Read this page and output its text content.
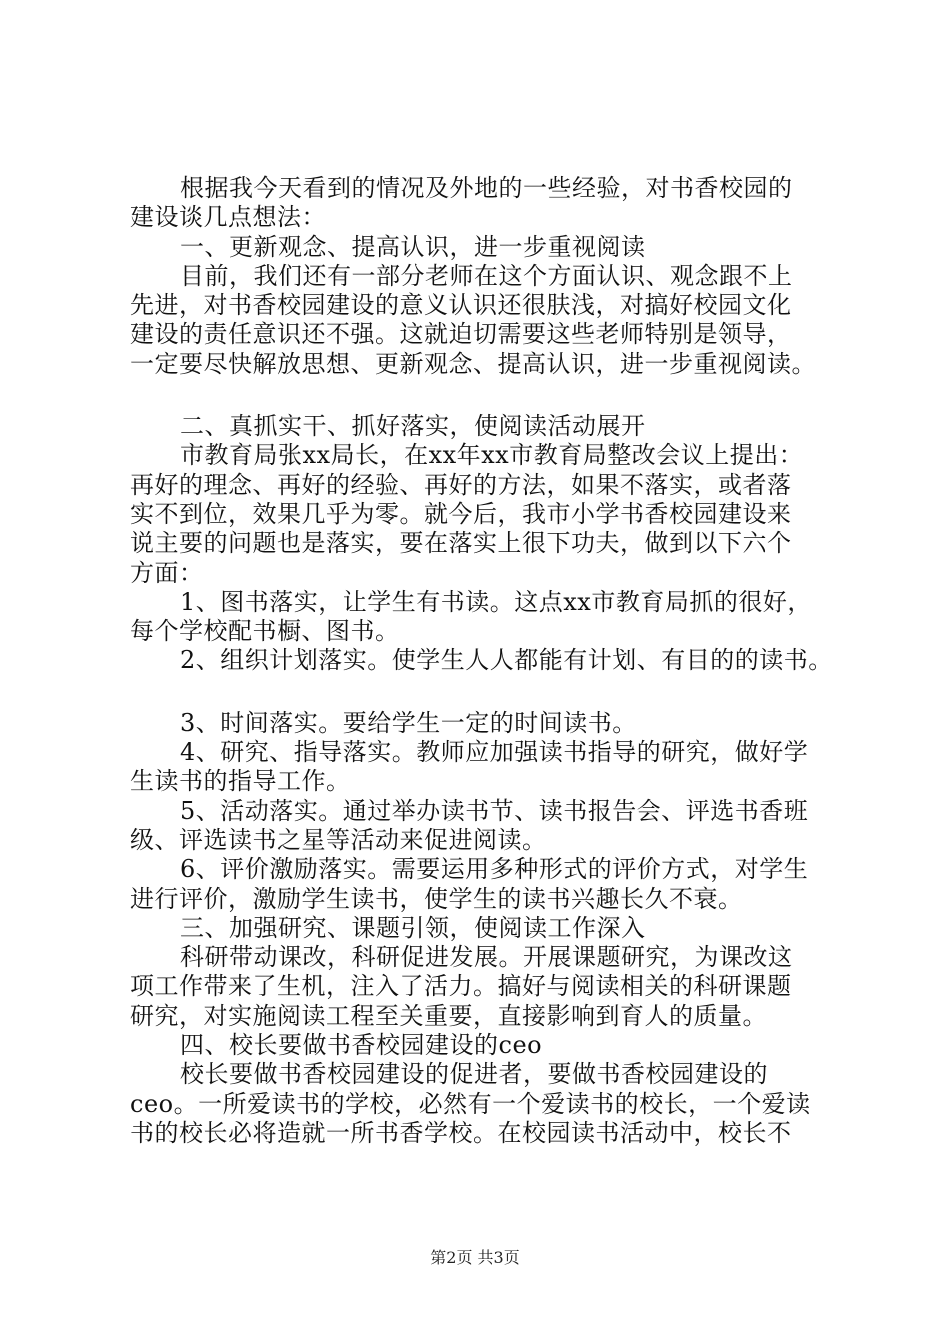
根据我今天看到的情况及外地的一些经验，对书香校园的
建设谈几点想法：
一、更新观念、提高认识，进一步重视阅读
目前，我们还有一部分老师在这个方面认识、观念跟不上
先进，对书香校园建设的意义认识还很肤浅，对搞好校园文化
建设的责任意识还不强。这就迫切需要这些老师特别是领导，
一定要尽快解放思想、更新观念、提高认识，进一步重视阅读。
二、真抓实干、抓好落实，使阅读活动展开
市教育局张xx局长，在xx年xx市教育局整改会议上提出：
再好的理念、再好的经验、再好的方法，如果不落实，或者落
实不到位，效果几乎为零。就今后，我市小学书香校园建设来
说主要的问题也是落实，要在落实上很下功夫，做到以下六个
方面：
1、图书落实，让学生有书读。这点xx市教育局抓的很好，
每个学校配书橱、图书。
2、组织计划落实。使学生人人都能有计划、有目的的读书。
3、时间落实。要给学生一定的时间读书。
4、研究、指导落实。教师应加强读书指导的研究，做好学
生读书的指导工作。
5、活动落实。通过举办读书节、读书报告会、评选书香班
级、评选读书之星等活动来促进阅读。
6、评价激励落实。需要运用多种形式的评价方式，对学生
进行评价，激励学生读书，使学生的读书兴趣长久不衰。
三、加强研究、课题引领，使阅读工作深入
科研带动课改，科研促进发展。开展课题研究，为课改这
项工作带来了生机，注入了活力。搞好与阅读相关的科研课题
研究，对实施阅读工程至关重要，直接影响到育人的质量。
四、校长要做书香校园建设的ceo
校长要做书香校园建设的促进者，要做书香校园建设的
ceo。一所爱读书的学校，必然有一个爱读书的校长，一个爱读
书的校长必将造就一所书香学校。在校园读书活动中，校长不
第2页 共3页
